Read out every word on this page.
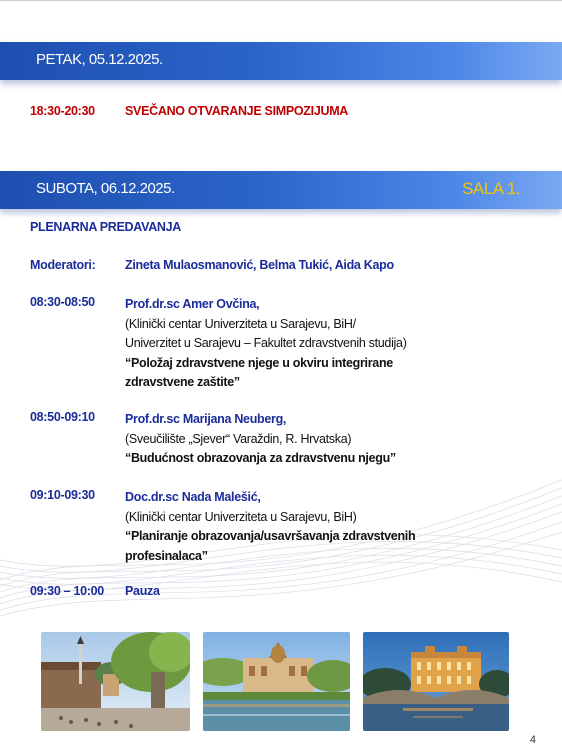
PETAK, 05.12.2025.
18:30-20:30 SVEČANO OTVARANJE SIMPOZIJUMA
SUBOTA, 06.12.2025.	SALA 1.
PLENARNA PREDAVANJA
Moderatori: Zineta Mulaosmanović, Belma Tukić, Aida Kapo
08:30-08:50 Prof.dr.sc Amer Ovčina,
(Klinički centar Univerziteta u Sarajevu, BiH/
Univerzitet u Sarajevu – Fakultet zdravstvenih studija)
“Položaj zdravstvene njege u okviru integrirane
zdravstvene zaštite”
08:50-09:10 Prof.dr.sc Marijana Neuberg,
(Sveučilište „Sjever“ Varaždin, R. Hrvatska)
“Budućnost obrazovanja za zdravstvenu njegu”
09:10-09:30 Doc.dr.sc Nada Malešić,
(Klinički centar Univerziteta u Sarajevu, BiH)
“Planiranje obrazovanja/usavršavanja zdravstvenih
profesinalaca”
09:30 – 10:00 Pauza
4
